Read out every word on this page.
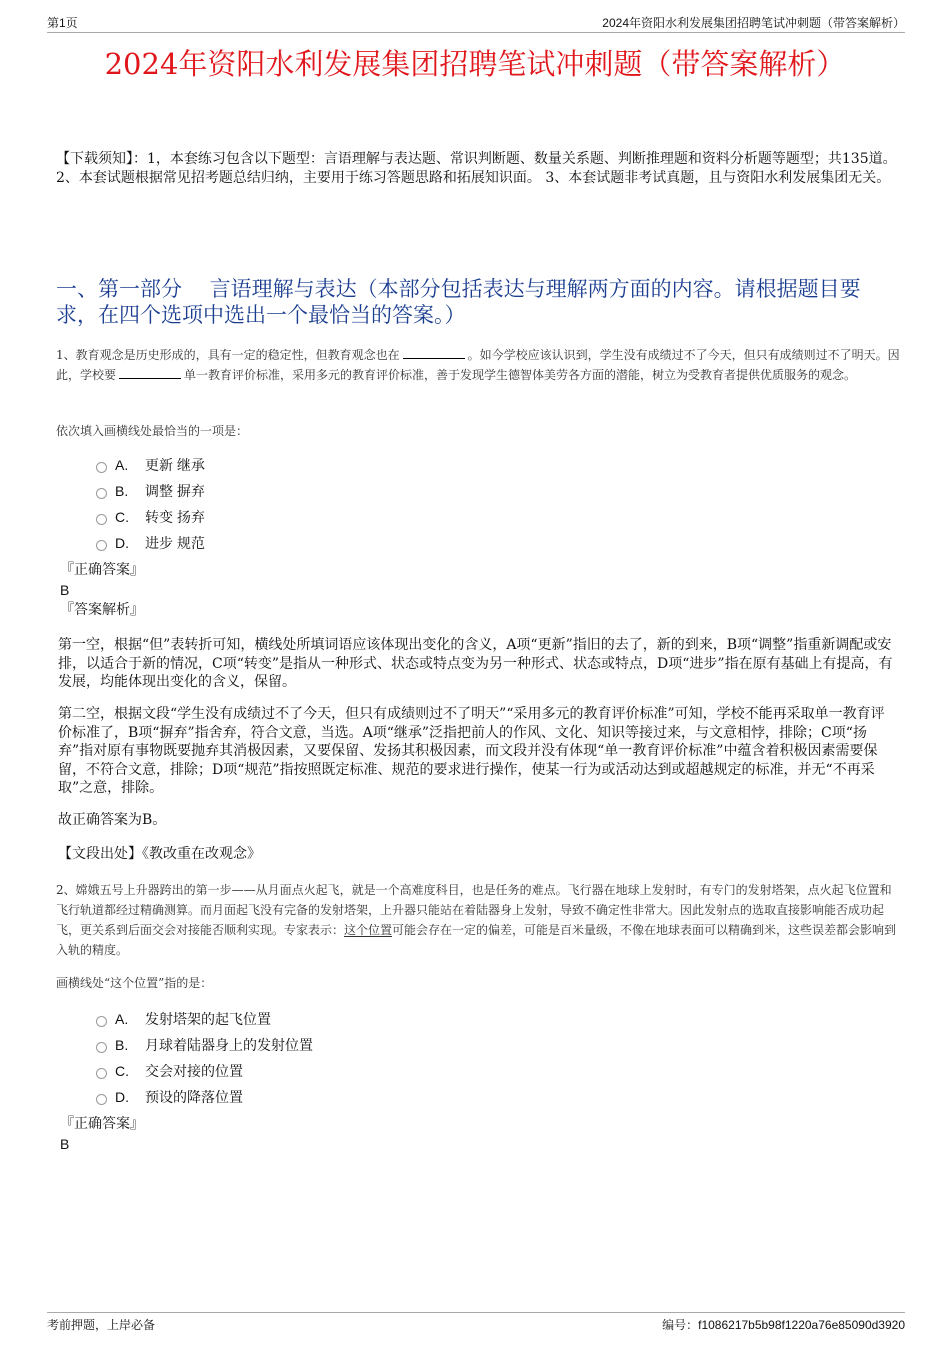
第1页	2024年资阳水利发展集团招聘笔试冲刺题（带答案解析）
2024年资阳水利发展集团招聘笔试冲刺题（带答案解析）
【下载须知】：1，本套练习包含以下题型：言语理解与表达题、常识判断题、数量关系题、判断推理题和资料分析题等题型；共135道。 2、本套试题根据常见招考题总结归纳，主要用于练习答题思路和拓展知识面。 3、本套试题非考试真题，且与资阳水利发展集团无关。
一、第一部分　 言语理解与表达（本部分包括表达与理解两方面的内容。请根据题目要求，在四个选项中选出一个最恰当的答案。）
1、教育观念是历史形成的，具有一定的稳定性，但教育观念也在	。如今学校应该认识到，学生没有成绩过不了今天，但只有成绩则过不了明天。因此，学校要	单一教育评价标准，采用多元的教育评价标准，善于发现学生德智体美劳各方面的潜能，树立为受教育者提供优质服务的观念。
依次填入画横线处最恰当的一项是：
A.	更新 继承
B.	调整 摒弃
C.	转变 扬弃
D.	进步 规范
『正确答案』
B
『答案解析』
第一空，根据“但”表转折可知，横线处所填词语应该体现出变化的含义，A项“更新”指旧的去了，新的到来，B项“调整”指重新调配或安排，以适合于新的情况，C项“转变”是指从一种形式、状态或特点变为另一种形式、状态或特点，D项“进步”指在原有基础上有提高，有发展，均能体现出变化的含义，保留。
第二空，根据文段“学生没有成绩过不了今天，但只有成绩则过不了明天”“采用多元的教育评价标准”可知，学校不能再采取单一教育评价标准了，B项“摒弃”指舍弃，符合文意，当选。A项“继承”泛指把前人的作风、文化、知识等接过来，与文意相悖，排除；C项“扬弃”指对原有事物既要抛弃其消极因素，又要保留、发扬其积极因素，而文段并没有体现“单一教育评价标准”中蕴含着积极因素需要保留，不符合文意，排除；D项“规范”指按照既定标准、规范的要求进行操作，使某一行为或活动达到或超越规定的标准，并无“不再采取”之意，排除。
故正确答案为B。
【文段出处】《教改重在改观念》
2、嫦娥五号上升器跨出的第一步——从月面点火起飞，就是一个高难度科目，也是任务的难点。飞行器在地球上发射时，有专门的发射塔架，点火起飞位置和飞行轨道都经过精确测算。而月面起飞没有完备的发射塔架，上升器只能站在着陆器身上发射，导致不确定性非常大。因此发射点的选取直接影响能否成功起飞，更关系到后面交会对接能否顺利实现。专家表示：这个位置可能会存在一定的偏差，可能是百米量级，不像在地球表面可以精确到米，这些误差都会影响到入轨的精度。
画横线处“这个位置”指的是：
A.	发射塔架的起飞位置
B.	月球着陆器身上的发射位置
C.	交会对接的位置
D.	预设的降落位置
『正确答案』
B
考前押题，上岸必备	编号：f1086217b5b98f1220a76e85090d3920
